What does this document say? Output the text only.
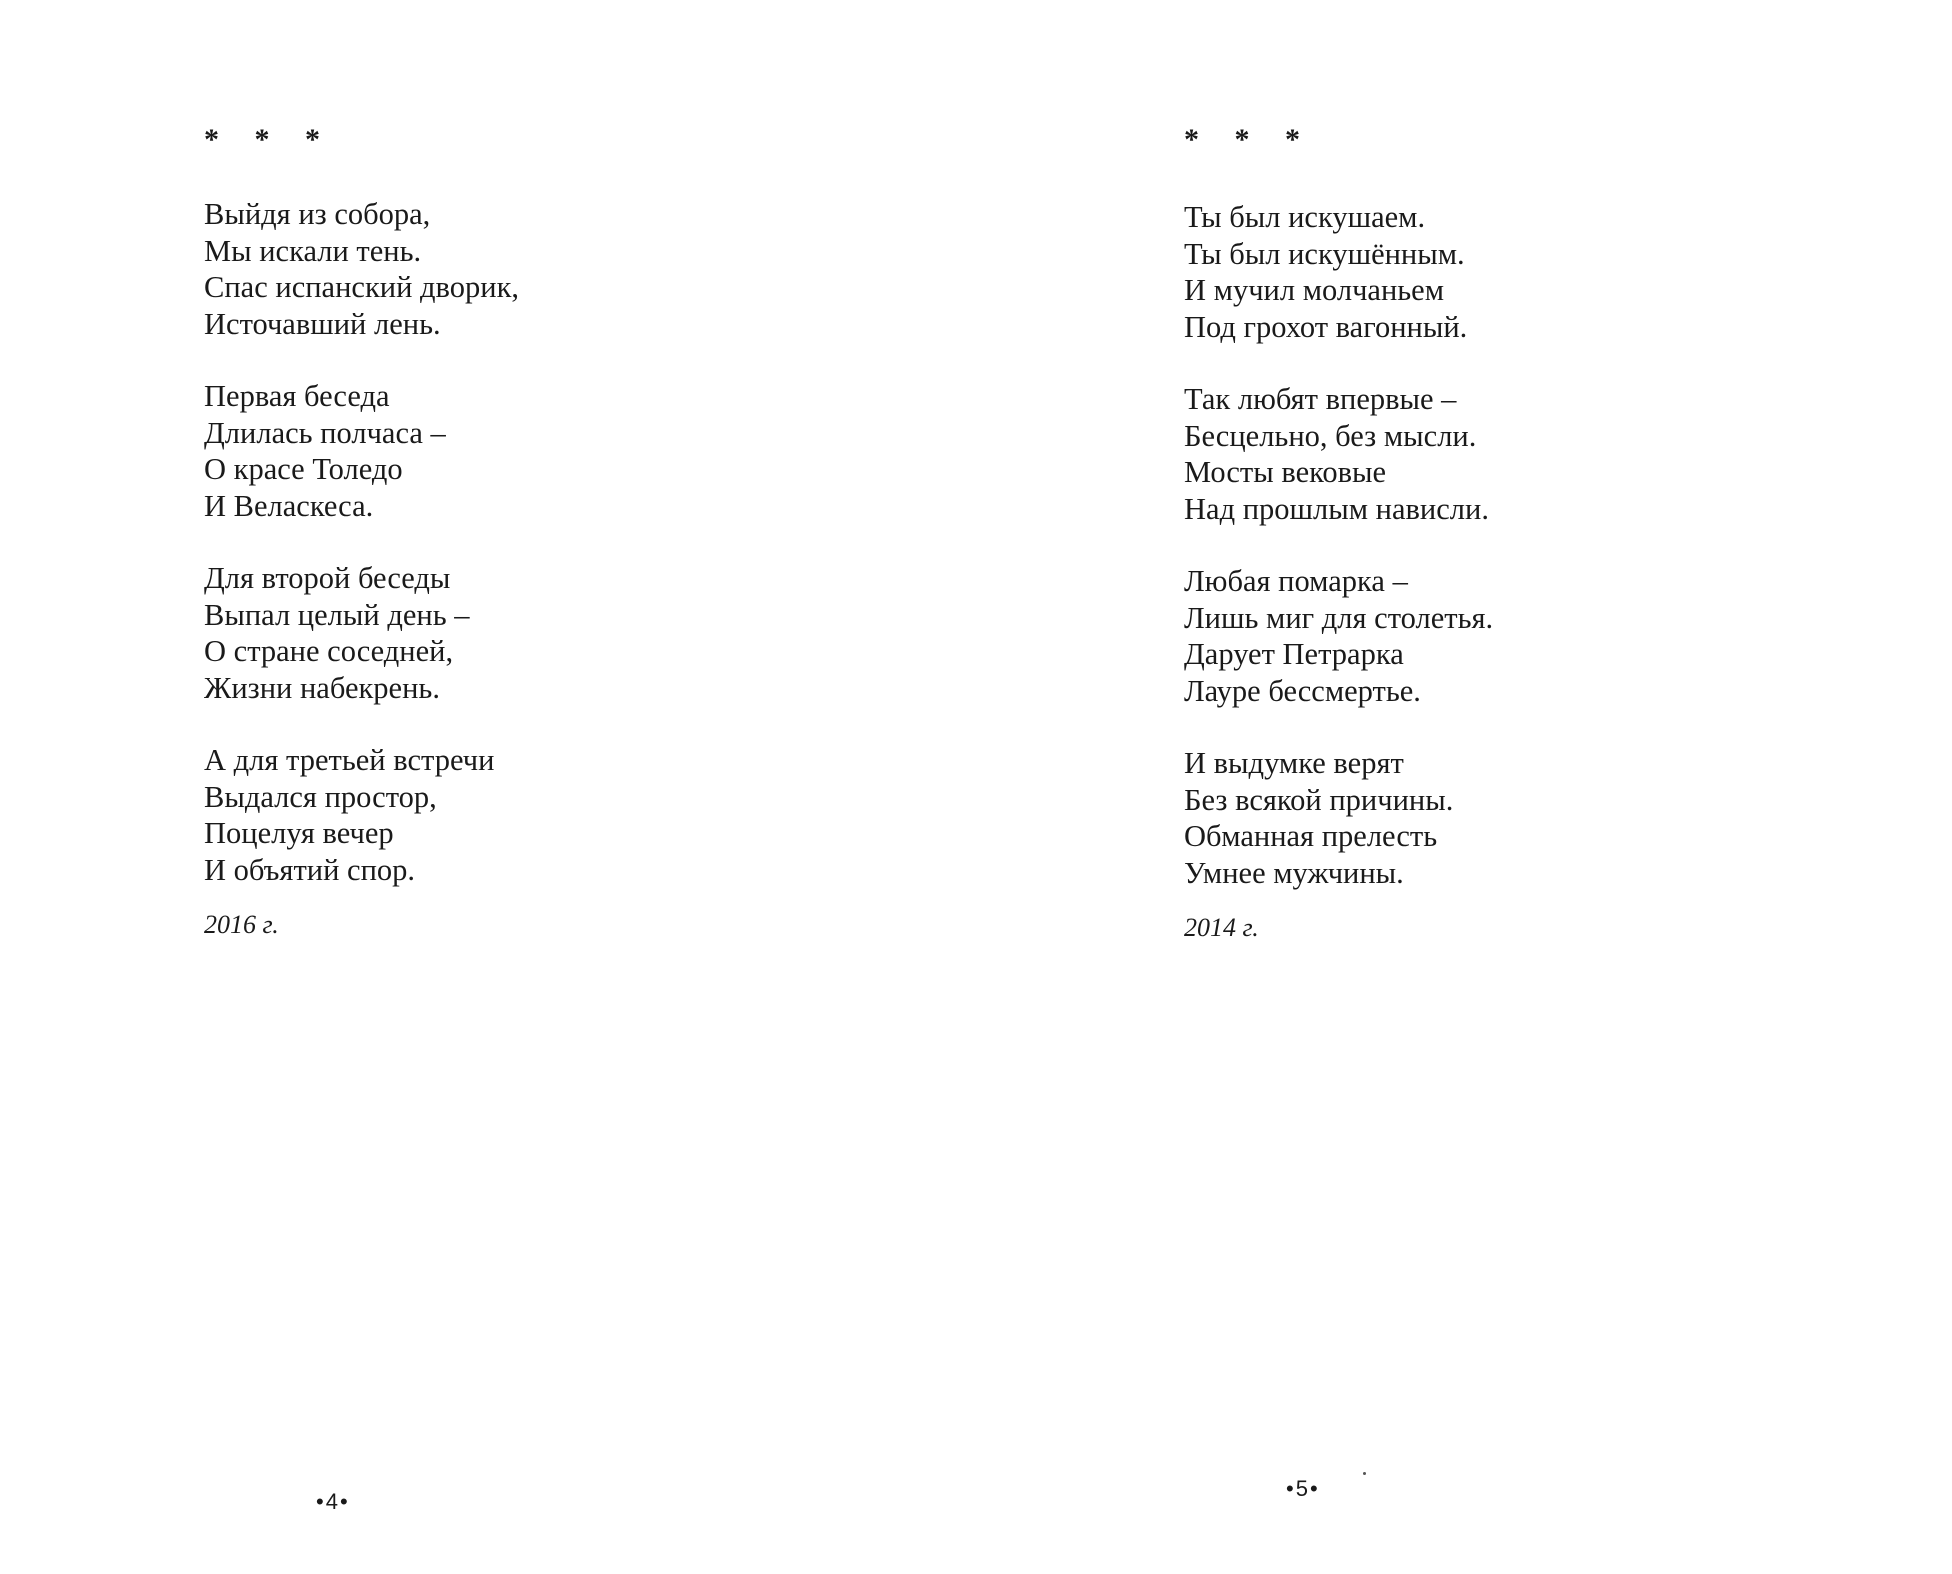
* * *
Выйдя из собора,
Мы искали тень.
Спас испанский дворик,
Источавший лень.
Первая беседа
Длилась полчаса –
О красе Толедо
И Веласкеса.
Для второй беседы
Выпал целый день –
О стране соседней,
Жизни набекрень.
А для третьей встречи
Выдался простор,
Поцелуя вечер
И объятий спор.
2016 г.
•4•
* * *
Ты был искушаем.
Ты был искушённым.
И мучил молчаньем
Под грохот вагонный.
Так любят впервые –
Бесцельно, без мысли.
Мосты вековые
Над прошлым нависли.
Любая помарка –
Лишь миг для столетья.
Дарует Петрарка
Лауре бессмертье.
И выдумке верят
Без всякой причины.
Обманная прелесть
Умнее мужчины.
2014 г.
•5•
